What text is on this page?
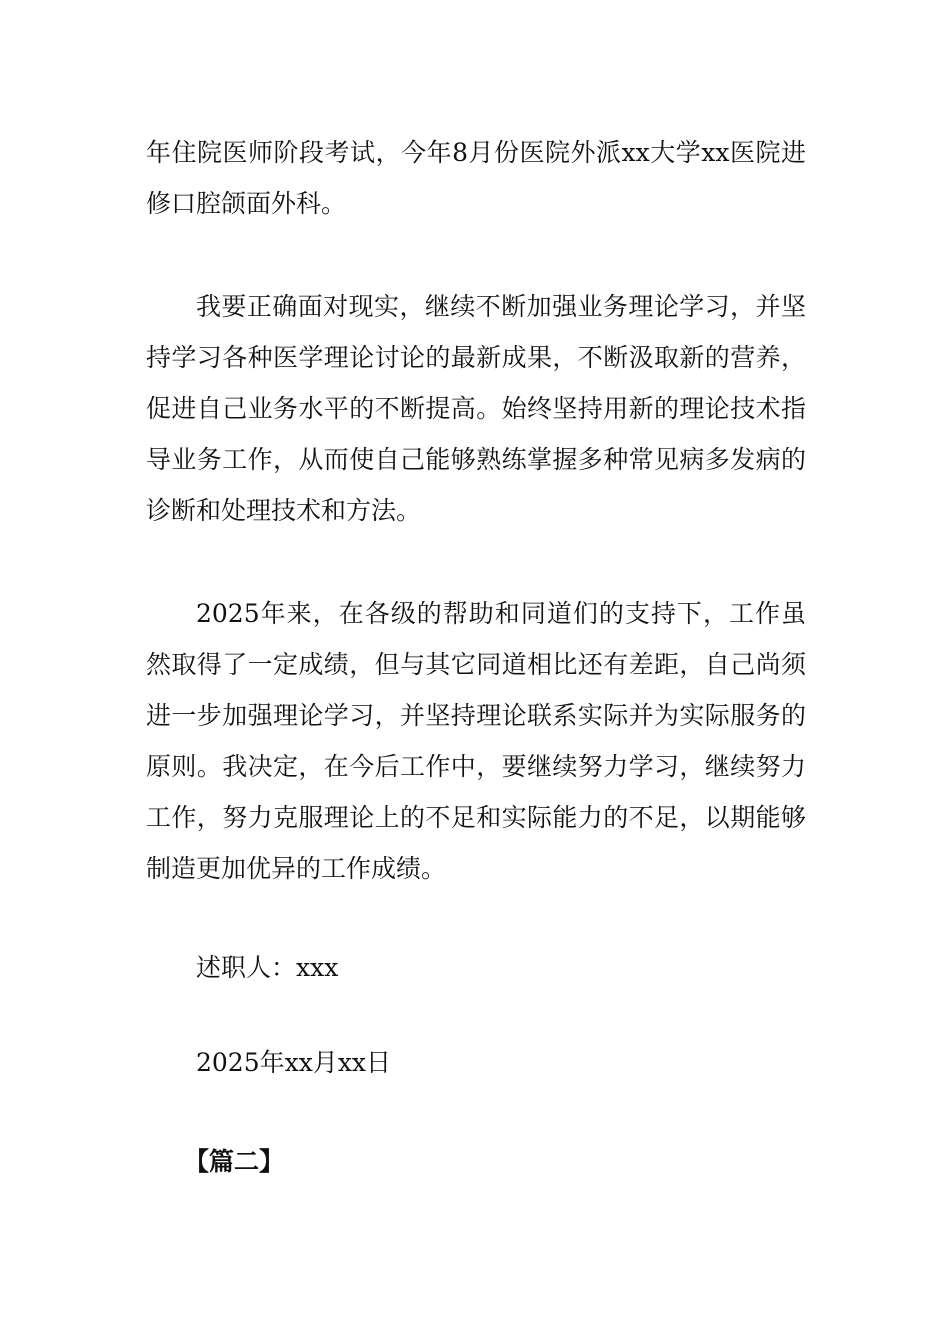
年住院医师阶段考试，今年8月份医院外派xx大学xx医院进修口腔颌面外科。

我要正确面对现实，继续不断加强业务理论学习，并坚持学习各种医学理论讨论的最新成果，不断汲取新的营养，促进自己业务水平的不断提高。始终坚持用新的理论技术指导业务工作，从而使自己能够熟练掌握多种常见病多发病的诊断和处理技术和方法。

2025年来，在各级的帮助和同道们的支持下，工作虽然取得了一定成绩，但与其它同道相比还有差距，自己尚须进一步加强理论学习，并坚持理论联系实际并为实际服务的原则。我决定，在今后工作中，要继续努力学习，继续努力工作，努力克服理论上的不足和实际能力的不足，以期能够制造更加优异的工作成绩。

述职人：xxx
2025年xx月xx日
【篇二】
